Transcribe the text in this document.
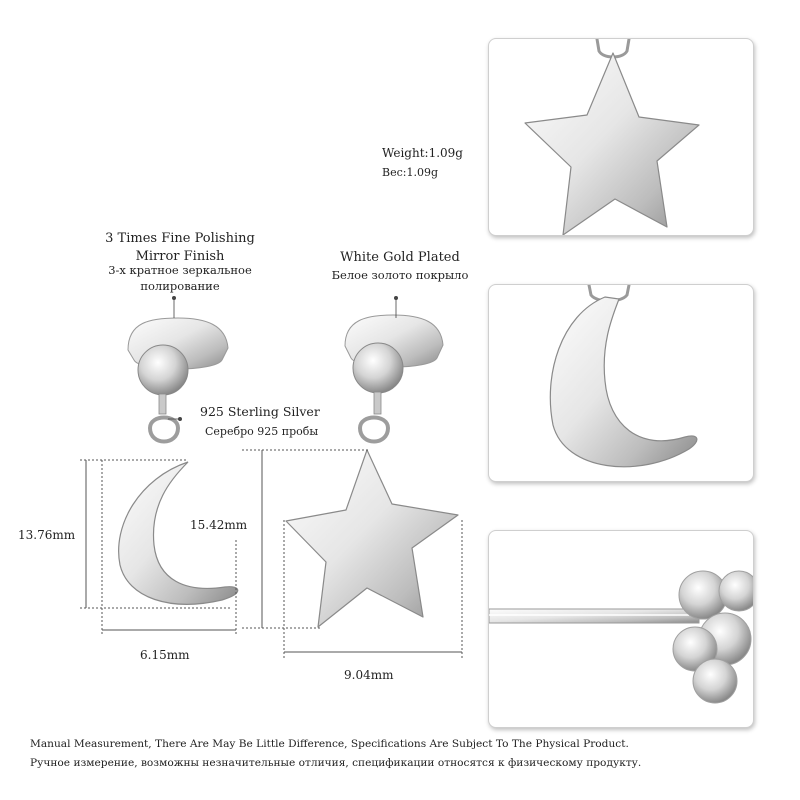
Weight:1.09g
Вес:1.09g
3 Times Fine Polishing
Mirror Finish
3-х кратное зеркальное
полирование
White Gold Plated
Белое золото покрыло
925 Sterling Silver
Серебро 925 пробы
13.76mm
6.15mm
15.42mm
9.04mm
Manual Measurement, There Are May Be Little Difference, Specifications Are Subject To The Physical Product.
Ручное измерение, возможны незначительные отличия, спецификации относятся к физическому продукту.
